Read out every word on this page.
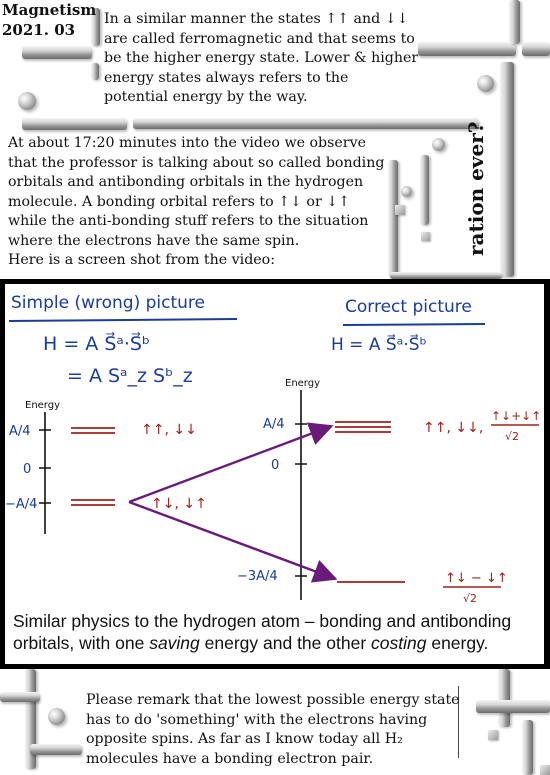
Magnetism
2021. 03
In a similar manner the states ↑↑ and ↓↓
are called ferromagnetic and that seems to
be the higher energy state. Lower & higher
energy states always refers to the
potential energy by the way.
At about 17:20 minutes into the video we observe
that the professor is talking about so called bonding
orbitals and antibonding orbitals in the hydrogen
molecule. A bonding orbital refers to ↑↓ or ↓↑
while the anti-bonding stuff refers to the situation
where the electrons have the same spin.
Here is a screen shot from the video:
ration ever?
Simple (wrong) picture	Correct picture
H = A S⃗ᵃ·S⃗ᵇ
= A Sᵃ_z Sᵇ_z
H = A S⃗ᵃ·S⃗ᵇ
Energy
A/4
0
−A/4
↑↑, ↓↓
↑↓, ↓↑
Energy
A/4
0
−3A/4
↑↑, ↓↓,
↑↓+↓↑
√2
↑↓ − ↓↑
√2
Similar physics to the hydrogen atom – bonding and antibonding
orbitals, with one saving energy and the other costing energy.
Please remark that the lowest possible energy state
has to do 'something' with the electrons having
opposite spins. As far as I know today all H₂
molecules have a bonding electron pair.
